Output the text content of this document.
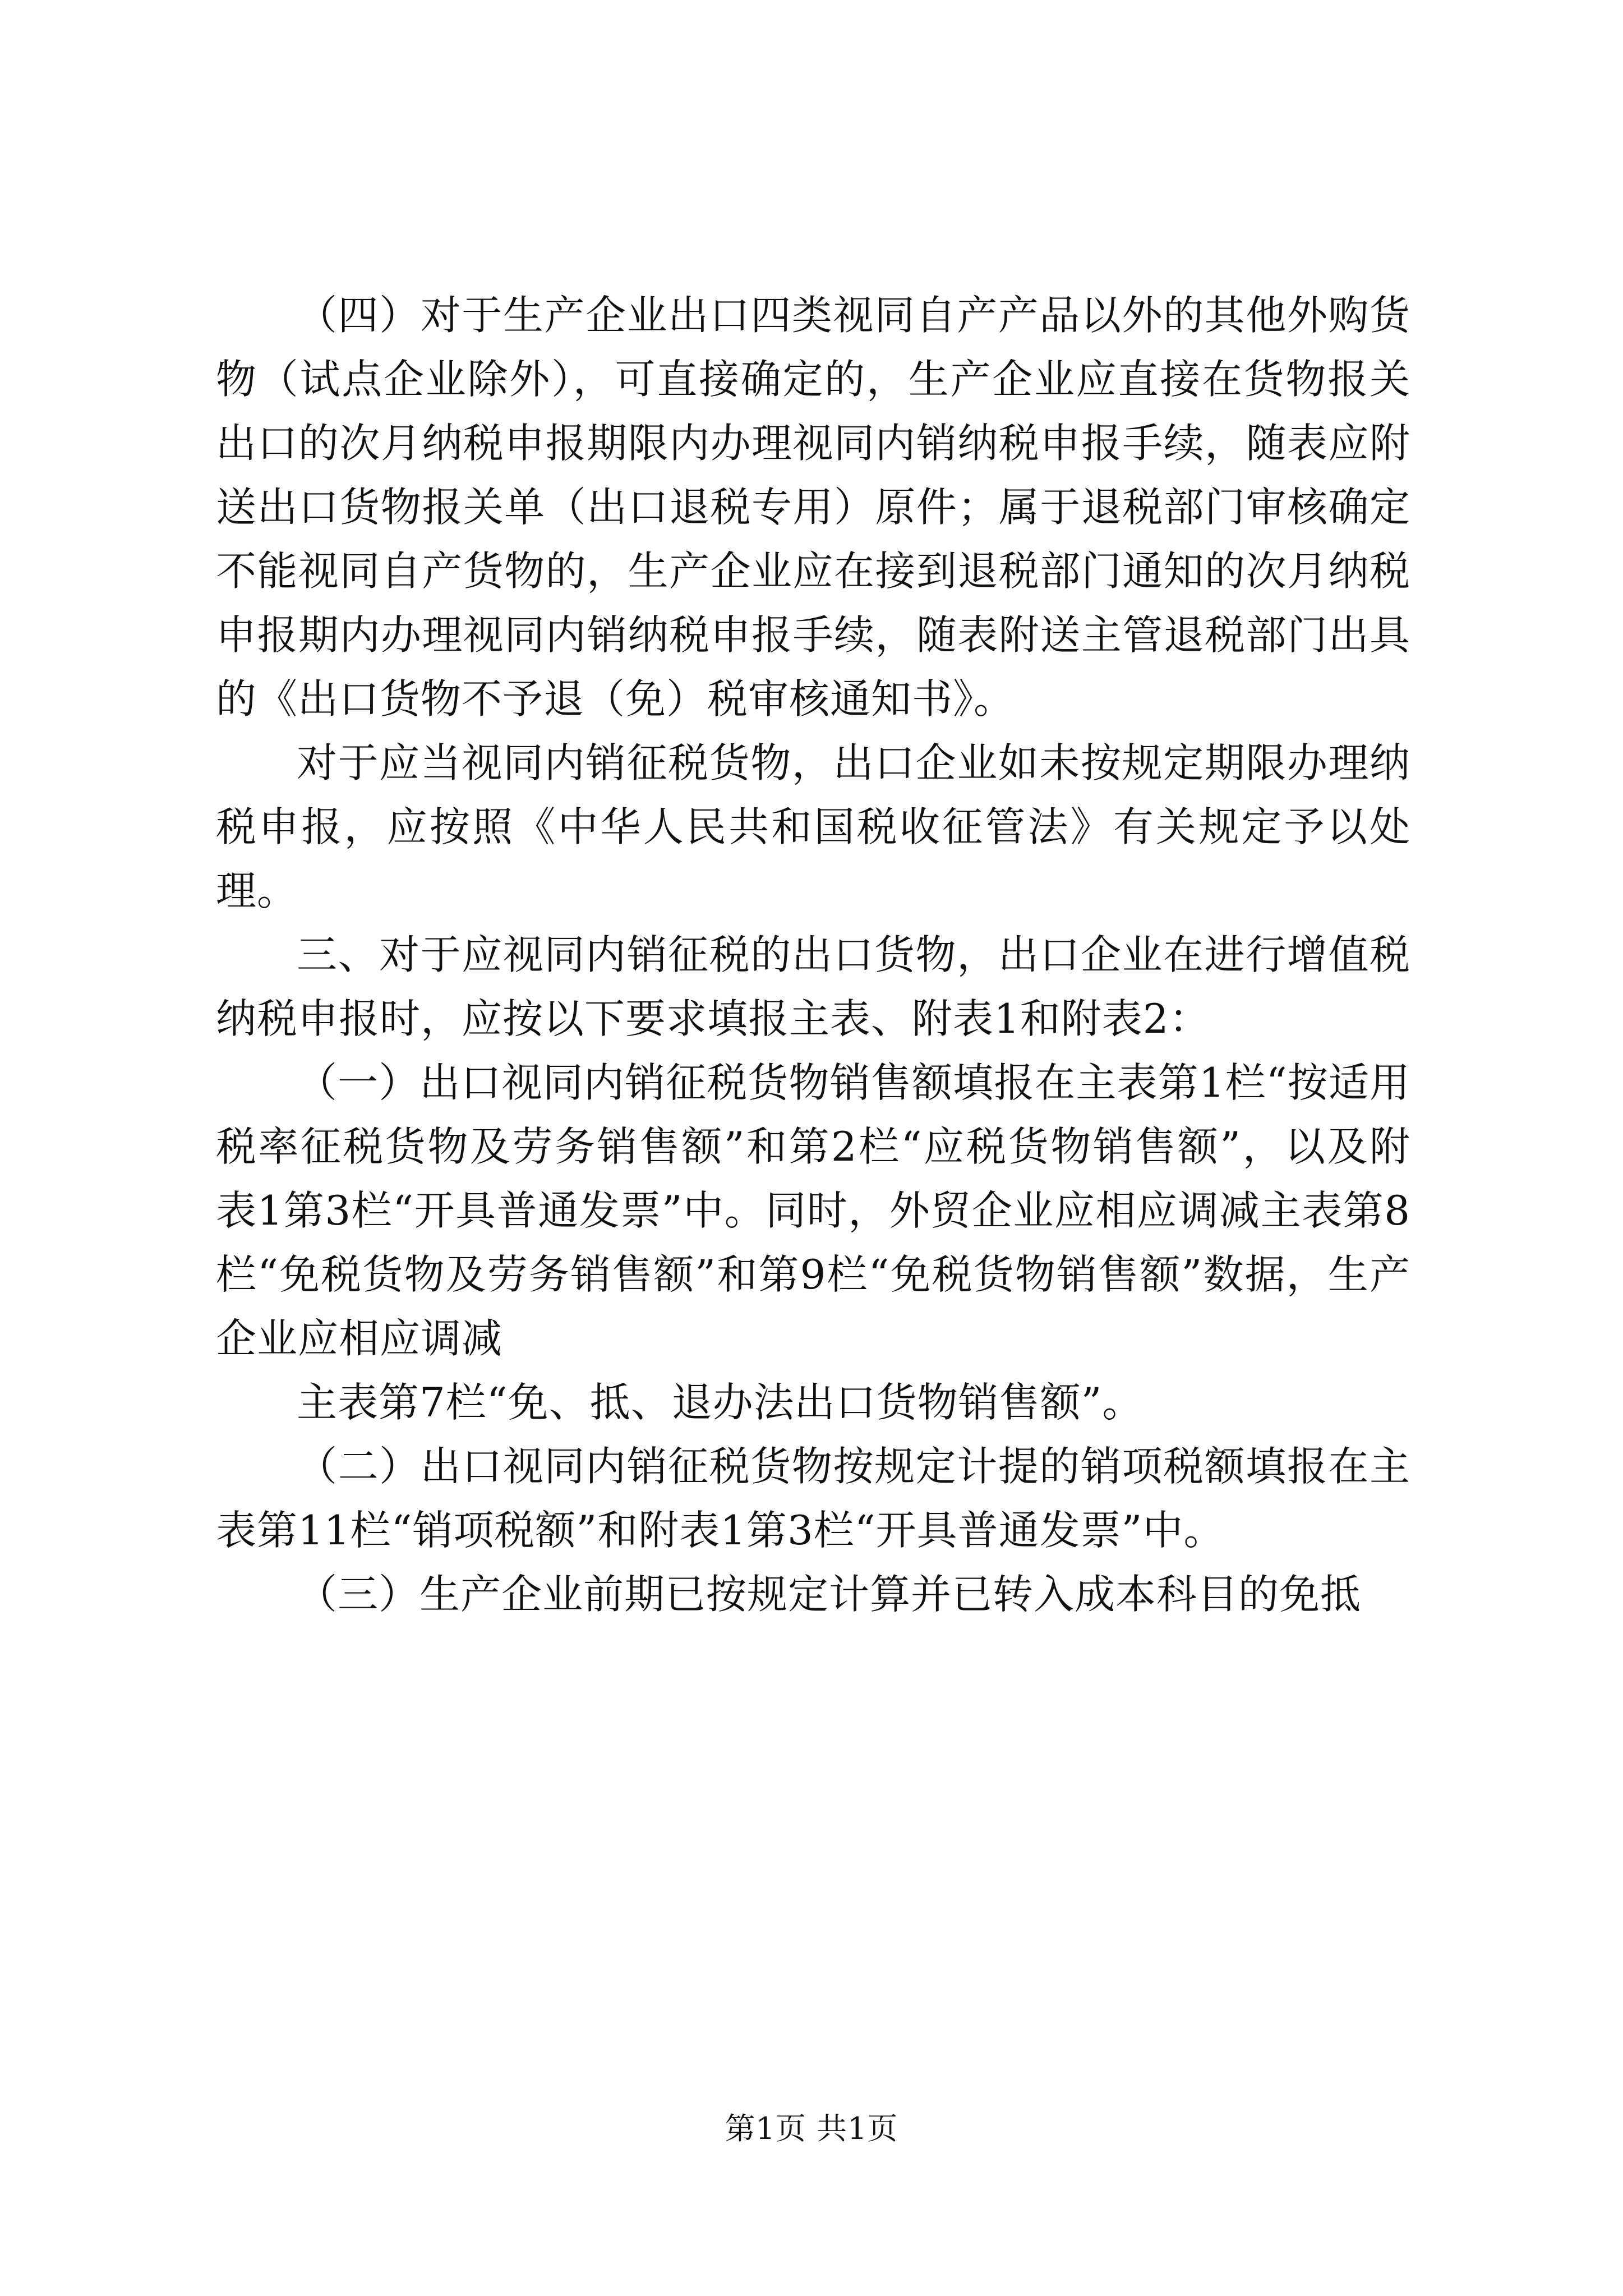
（四）对于生产企业出口四类视同自产产品以外的其他外购货物（试点企业除外），可直接确定的，生产企业应直接在货物报关出口的次月纳税申报期限内办理视同内销纳税申报手续，随表应附送出口货物报关单（出口退税专用）原件；属于退税部门审核确定不能视同自产货物的，生产企业应在接到退税部门通知的次月纳税申报期内办理视同内销纳税申报手续，随表附送主管退税部门出具的《出口货物不予退（免）税审核通知书》。

对于应当视同内销征税货物，出口企业如未按规定期限办理纳税申报，应按照《中华人民共和国税收征管法》有关规定予以处理。

三、对于应视同内销征税的出口货物，出口企业在进行增值税纳税申报时，应按以下要求填报主表、附表1和附表2：

（一）出口视同内销征税货物销售额填报在主表第1栏“按适用税率征税货物及劳务销售额”和第2栏“应税货物销售额”，以及附表1第3栏“开具普通发票”中。同时，外贸企业应相应调减主表第8栏“免税货物及劳务销售额”和第9栏“免税货物销售额”数据，生产企业应相应调减

主表第7栏“免、抵、退办法出口货物销售额”。

（二）出口视同内销征税货物按规定计提的销项税额填报在主表第11栏“销项税额”和附表1第3栏“开具普通发票”中。

（三）生产企业前期已按规定计算并已转入成本科目的免抵

第1页 共1页
